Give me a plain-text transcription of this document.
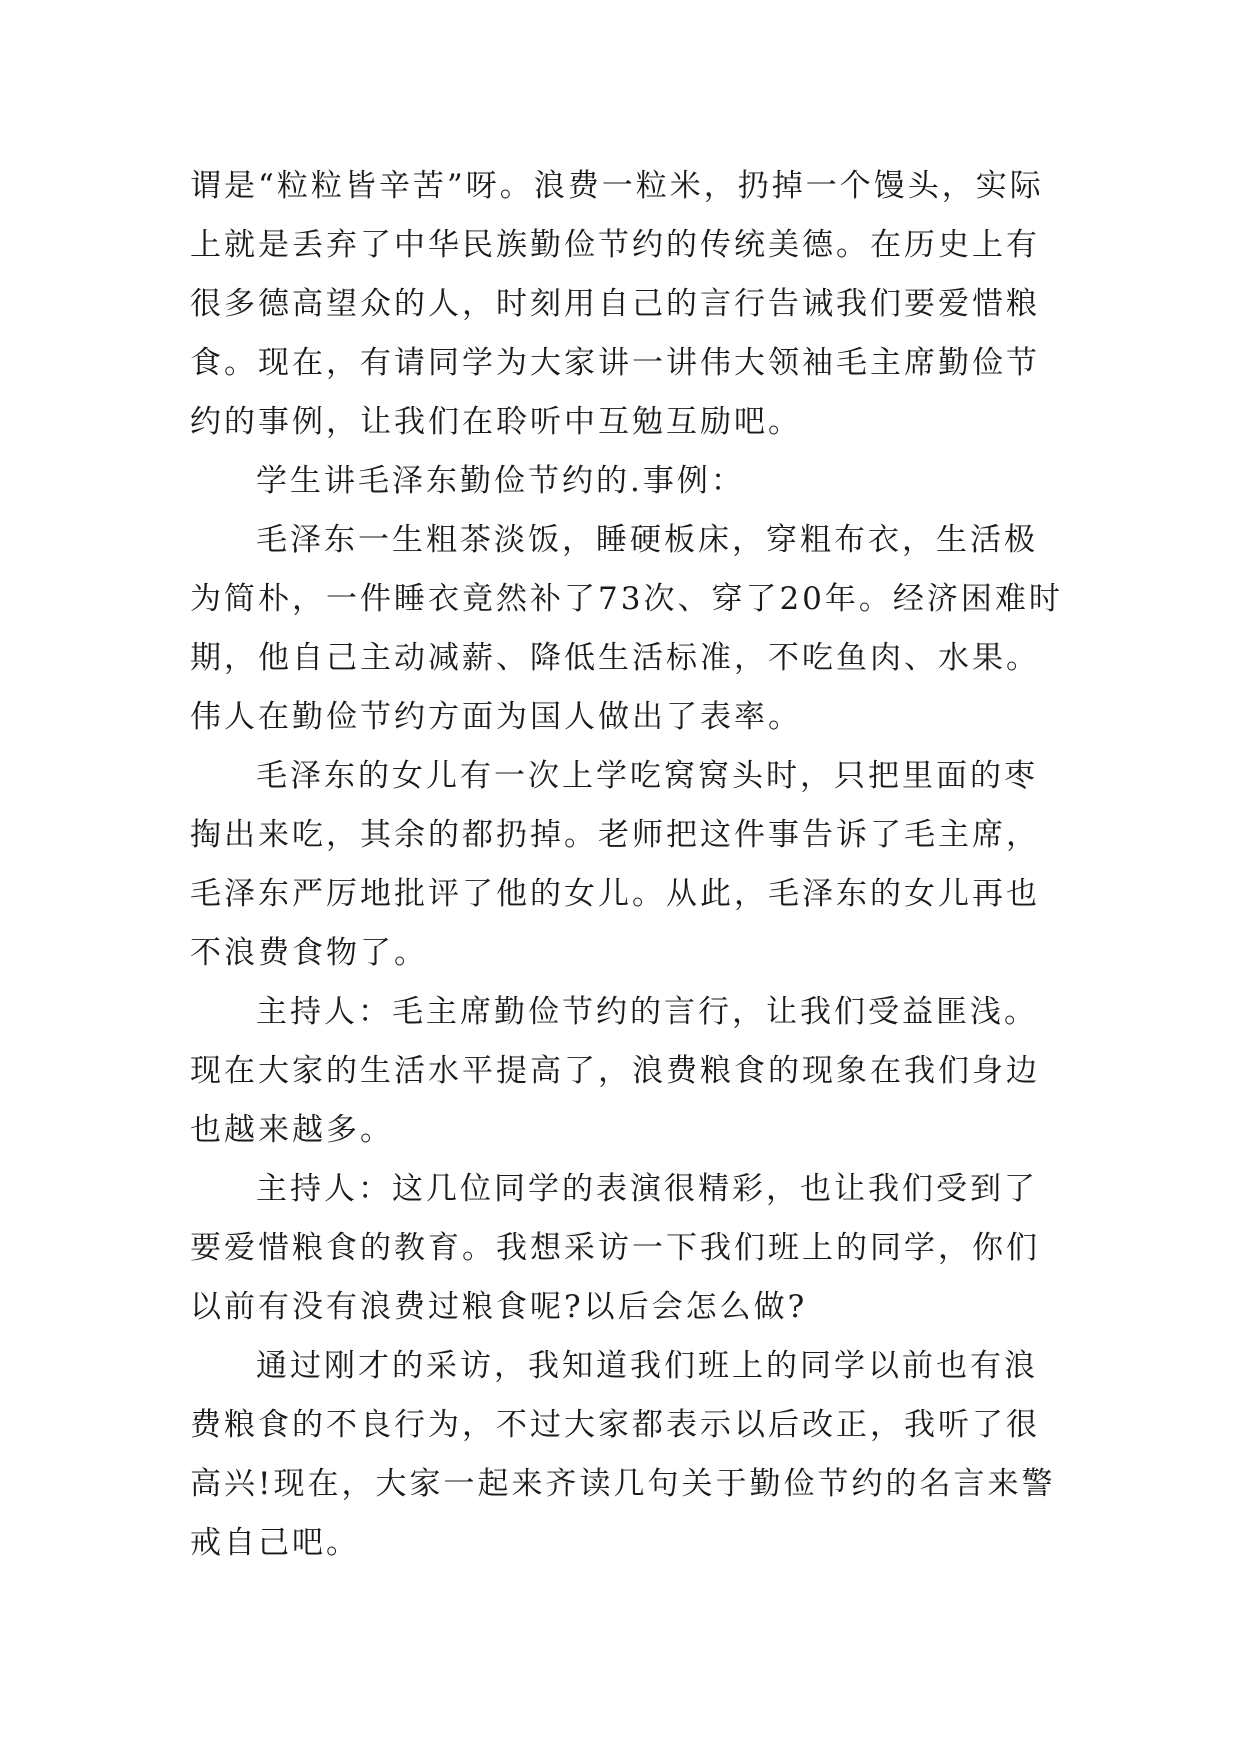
谓是“粒粒皆辛苦”呀。浪费一粒米，扔掉一个馒头，实际上就是丢弃了中华民族勤俭节约的传统美德。在历史上有很多德高望众的人，时刻用自己的言行告诫我们要爱惜粮食。现在，有请同学为大家讲一讲伟大领袖毛主席勤俭节约的事例，让我们在聆听中互勉互励吧。

学生讲毛泽东勤俭节约的.事例：

毛泽东一生粗茶淡饭，睡硬板床，穿粗布衣，生活极为简朴，一件睡衣竟然补了73次、穿了20年。经济困难时期，他自己主动减薪、降低生活标准，不吃鱼肉、水果。伟人在勤俭节约方面为国人做出了表率。

毛泽东的女儿有一次上学吃窝窝头时，只把里面的枣掏出来吃，其余的都扔掉。老师把这件事告诉了毛主席，毛泽东严厉地批评了他的女儿。从此，毛泽东的女儿再也不浪费食物了。

主持人：毛主席勤俭节约的言行，让我们受益匪浅。现在大家的生活水平提高了，浪费粮食的现象在我们身边也越来越多。

主持人：这几位同学的表演很精彩，也让我们受到了要爱惜粮食的教育。我想采访一下我们班上的同学，你们以前有没有浪费过粮食呢?以后会怎么做?

通过刚才的采访，我知道我们班上的同学以前也有浪费粮食的不良行为，不过大家都表示以后改正，我听了很高兴!现在，大家一起来齐读几句关于勤俭节约的名言来警戒自己吧。
